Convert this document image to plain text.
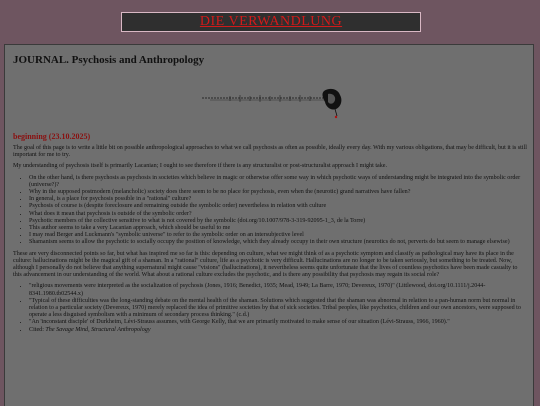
DIE VERWANDLUNG
JOURNAL. Psychosis and Anthropology
beginning (23.10.2025)

The goal of this page is to write a little bit on possible anthropological approaches to what we call psychosis as often as possible, ideally every day. With my various obligations, that may be difficult, but it is still important for me to try.

My understanding of psychosis itself is primarily Lacanian; I ought to see therefore if there is any structuralist or post-structuralist approach I might take.

• On the other hand, is there psychosis as psychosis in societies which believe in magic or otherwise offer some way in which psychotic ways of understanding might be integrated into the symbolic order (universe?)?
• Why in the supposed postmodern (melancholic) society does there seem to be no place for psychosis, even when the (neurotic) grand narratives have fallen?
• In general, is a place for psychosis possible in a "rational" culture?
• Psychosis of course is (despite foreclosure and remaining outside the symbolic order) nevertheless in relation with culture
• What does it mean that psychosis is outside of the symbolic order?
• Psychotic members of the collective sensitive to what is not covered by the symbolic (doi.org/10.1007/978-3-319-92095-1_3, de la Torre)
• This author seems to take a very Lacanian approach, which should be useful to me
• I may read Berger and Luckmann's "symbolic universe" to refer to the symbolic order on an intersubjective level
• Shamanism seems to allow the psychotic to socially occupy the position of knowledge, which they already occupy in their own structure (neurotics do not, perverts do but seem to manage elsewise)

These are very disconnected points so far, but what has inspired me so far is this: depending on culture, what we might think of as a psychotic symptom and classify as pathological may have its place in the culture: hallucinations might be the magical gift of a shaman. In a "rational" culture, life as a psychotic is very difficult. Hallucinations are no longer to be taken seriously, but something to be treated. Now, although I personally do not believe that anything supernatural might cause "visions" (hallucinations), it nevertheless seems quite unfortunate that the lives of countless psychotics have been made casualty to this advancement in our understanding of the world. What about a rational culture excludes the psychotic, and is there any possibility that psychosis may regain its social role?

• "religious movements were interpreted as the socialization of psychosis (Jones, 1916; Benedict, 1935; Mead, 1949; La Barre, 1970; Devereux, 1970)" (Littlewood, doi.org/10.1111/j.2044-8341.1980.tb02544.x)
• "Typical of these difficulties was the long-standing debate on the mental health of the shaman. Solutions which suggested that the shaman was abnormal in relation to a pan-human norm but normal in relation to a particular society (Devereux, 1970) merely replaced the idea of primitive societies by that of sick societies. Tribal peoples, like psychotics, children and our own ancestors, were supposed to operate a less disguised symbolism with a minimum of secondary process thinking." (c.d.)
• "An 'inconstant disciple' of Durkheim, Lévi-Strauss assumes, with George Kelly, that we are primarily motivated to make sense of our situation (Lévi-Strauss, 1966, 1960)."
• Cited: The Savage Mind, Structural Anthropology
